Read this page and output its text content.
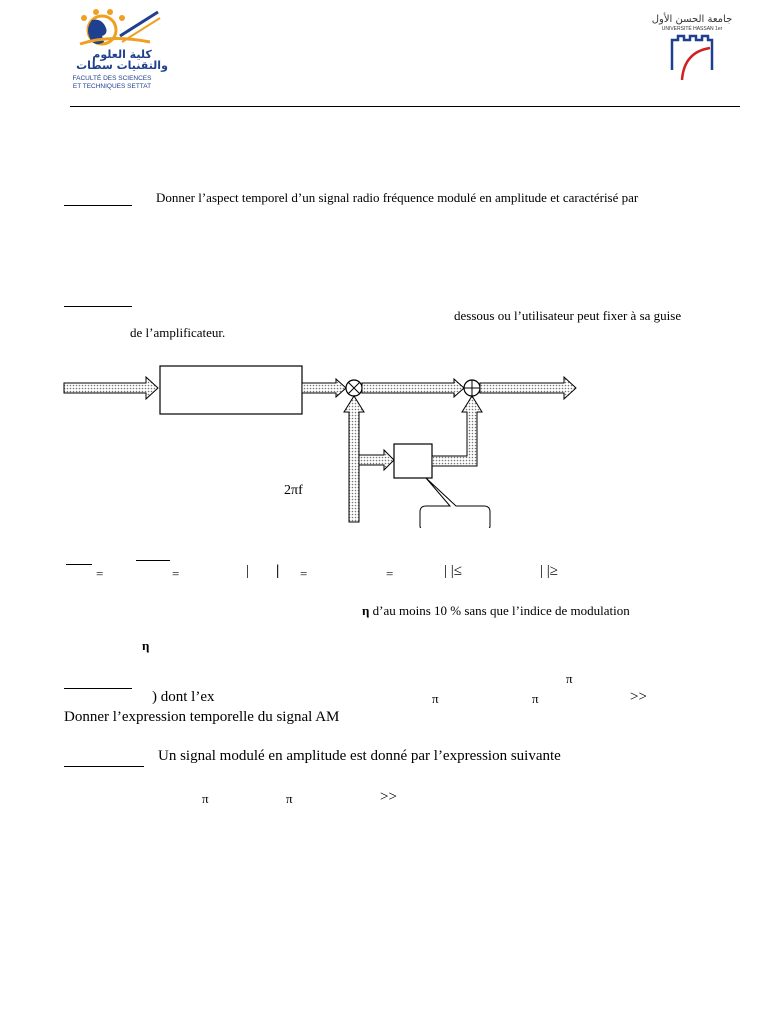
كلية العلوم
والتقنيات سطات
FACULTÉ DES SCIENCES
ET TECHNIQUES SETTAT
جامعة الحسن الأول
UNIVERSITÉ HASSAN 1er
Donner l’aspect temporel d’un signal radio fréquence modulé en amplitude et caractérisé par
dessous ou l’utilisateur peut fixer à sa guise
de l’amplificateur.
2πf
=	=	| | =	=	| |≤	| |≥
η d’au moins 10 % sans que l’indice de modulation
η
π
) dont l’ex	π	π	>>
Donner l’expression temporelle du signal AM
Un signal modulé en amplitude est donné par l’expression suivante
π	π	>>
